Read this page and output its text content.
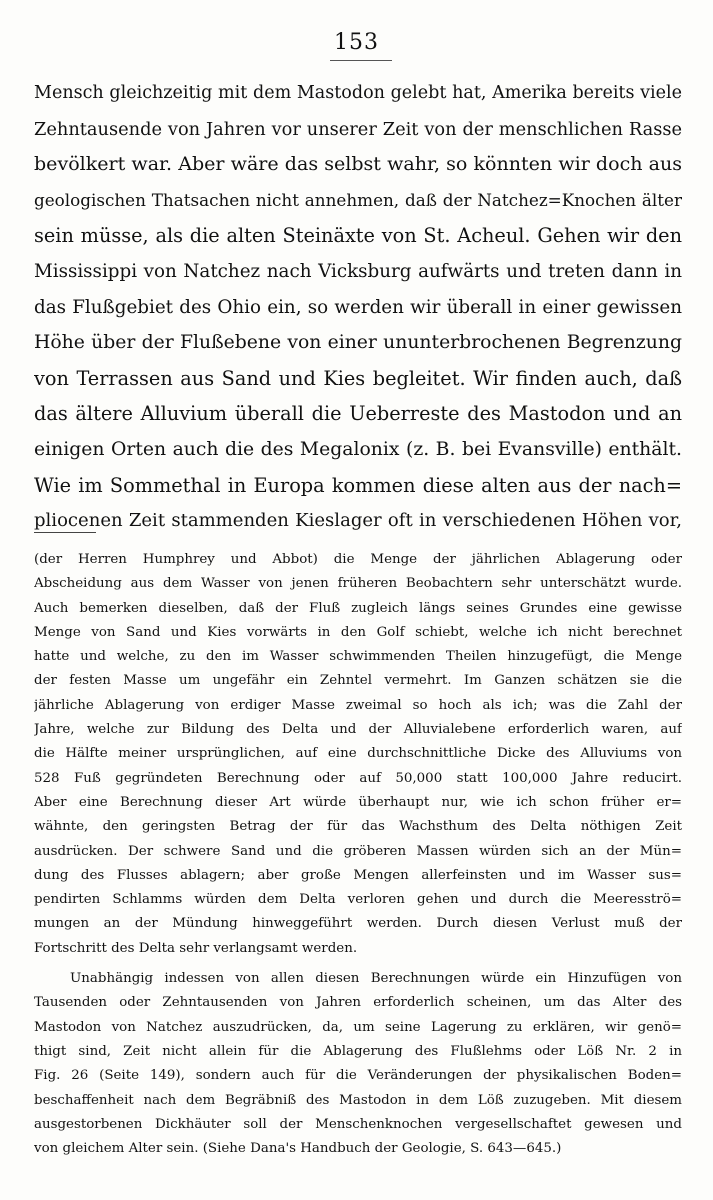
153
Mensch gleichzeitig mit dem Mastodon gelebt hat, Amerika bereits viele
Zehntausende von Jahren vor unserer Zeit von der menschlichen Rasse
bevölkert war. Aber wäre das selbst wahr, so könnten wir doch aus
geologischen Thatsachen nicht annehmen, daß der Natchez=Knochen älter
sein müsse, als die alten Steinäxte von St. Acheul. Gehen wir den
Mississippi von Natchez nach Vicksburg aufwärts und treten dann in
das Flußgebiet des Ohio ein, so werden wir überall in einer gewissen
Höhe über der Flußebene von einer ununterbrochenen Begrenzung
von Terrassen aus Sand und Kies begleitet. Wir finden auch, daß
das ältere Alluvium überall die Ueberreste des Mastodon und an
einigen Orten auch die des Megalonix (z. B. bei Evansville) enthält.
Wie im Sommethal in Europa kommen diese alten aus der nach=
pliocenen Zeit stammenden Kieslager oft in verschiedenen Höhen vor,
(der Herren Humphrey und Abbot) die Menge der jährlichen Ablagerung oder
Abscheidung aus dem Wasser von jenen früheren Beobachtern sehr unterschätzt wurde.
Auch bemerken dieselben, daß der Fluß zugleich längs seines Grundes eine gewisse
Menge von Sand und Kies vorwärts in den Golf schiebt, welche ich nicht berechnet
hatte und welche, zu den im Wasser schwimmenden Theilen hinzugefügt, die Menge
der festen Masse um ungefähr ein Zehntel vermehrt. Im Ganzen schätzen sie die
jährliche Ablagerung von erdiger Masse zweimal so hoch als ich; was die Zahl der
Jahre, welche zur Bildung des Delta und der Alluvialebene erforderlich waren, auf
die Hälfte meiner ursprünglichen, auf eine durchschnittliche Dicke des Alluviums von
528 Fuß gegründeten Berechnung oder auf 50,000 statt 100,000 Jahre reducirt.
Aber eine Berechnung dieser Art würde überhaupt nur, wie ich schon früher er=
wähnte, den geringsten Betrag der für das Wachsthum des Delta nöthigen Zeit
ausdrücken. Der schwere Sand und die gröberen Massen würden sich an der Mün=
dung des Flusses ablagern; aber große Mengen allerfeinsten und im Wasser sus=
pendirten Schlamms würden dem Delta verloren gehen und durch die Meeresströ=
mungen an der Mündung hinweggeführt werden. Durch diesen Verlust muß der
Fortschritt des Delta sehr verlangsamt werden.
Unabhängig indessen von allen diesen Berechnungen würde ein Hinzufügen von
Tausenden oder Zehntausenden von Jahren erforderlich scheinen, um das Alter des
Mastodon von Natchez auszudrücken, da, um seine Lagerung zu erklären, wir genö=
thigt sind, Zeit nicht allein für die Ablagerung des Flußlehms oder Löß Nr. 2 in
Fig. 26 (Seite 149), sondern auch für die Veränderungen der physikalischen Boden=
beschaffenheit nach dem Begräbniß des Mastodon in dem Löß zuzugeben. Mit diesem
ausgestorbenen Dickhäuter soll der Menschenknochen vergesellschaftet gewesen und
von gleichem Alter sein. (Siehe Dana's Handbuch der Geologie, S. 643—645.)
